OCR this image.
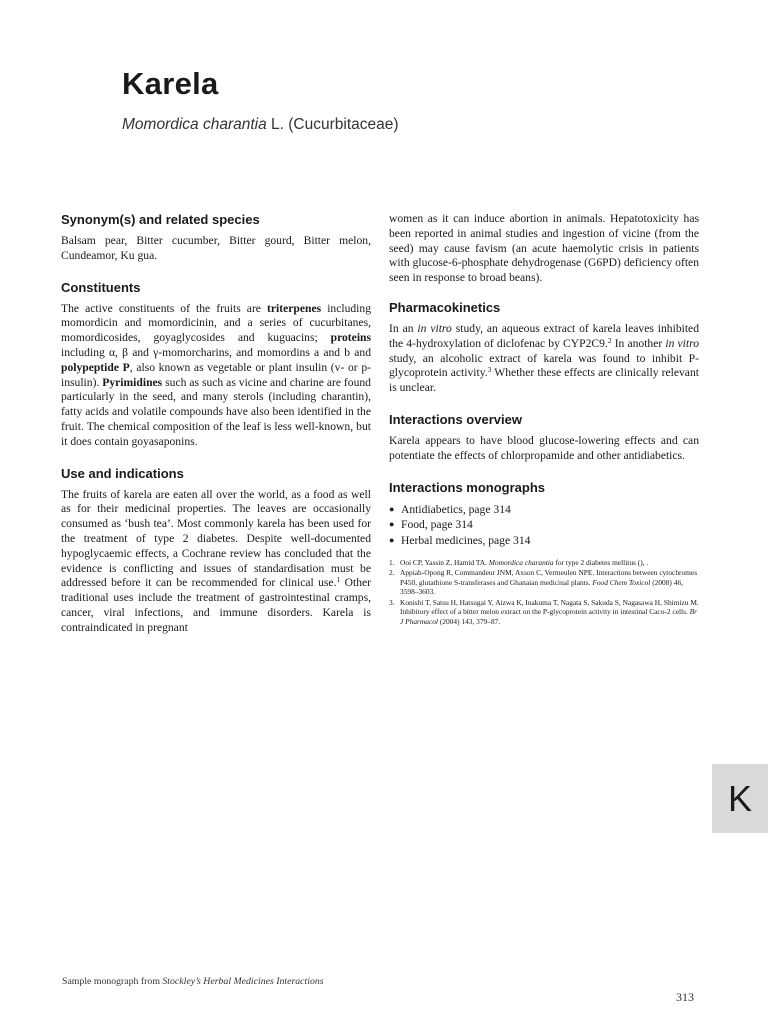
Karela

Momordica charantia L. (Cucurbitaceae)

Synonym(s) and related species

Balsam pear, Bitter cucumber, Bitter gourd, Bitter melon, Cundeamor, Ku gua.

Constituents

The active constituents of the fruits are triterpenes including momordicin and momordicinin, and a series of cucurbitanes, momordicosides, goyaglycosides and kuguacins; proteins including α, β and γ-momorcharins, and momordins a and b and polypeptide P, also known as vegetable or plant insulin (v- or p-insulin). Pyrimidines such as such as vicine and charine are found particularly in the seed, and many sterols (including charantin), fatty acids and volatile compounds have also been identified in the fruit. The chemical composition of the leaf is less well-known, but it does contain goyasaponins.

Use and indications

The fruits of karela are eaten all over the world, as a food as well as for their medicinal properties. The leaves are occasionally consumed as ‘bush tea’. Most commonly karela has been used for the treatment of type 2 diabetes. Despite well-documented hypoglycaemic effects, a Cochrane review has concluded that the evidence is conflicting and issues of standardisation must be addressed before it can be recommended for clinical use.$^1$ Other traditional uses include the treatment of gastrointestinal cramps, cancer, viral infections, and immune disorders. Karela is contraindicated in pregnant

women as it can induce abortion in animals. Hepatotoxicity has been reported in animal studies and ingestion of vicine (from the seed) may cause favism (an acute haemolytic crisis in patients with glucose-6-phosphate dehydrogenase (G6PD) deficiency often seen in response to broad beans).

Pharmacokinetics

In an in vitro study, an aqueous extract of karela leaves inhibited the 4-hydroxylation of diclofenac by CYP2C9.$^2$ In another in vitro study, an alcoholic extract of karela was found to inhibit P-glycoprotein activity.$^3$ Whether these effects are clinically relevant is unclear.

Interactions overview

Karela appears to have blood glucose-lowering effects and can potentiate the effects of chlorpropamide and other antidiabetics.

Interactions monographs
● Antidiabetics, page 314
● Food, page 314
● Herbal medicines, page 314
1. Ooi CP, Yassin Z, Hamid TA. Momordica charantia for type 2 diabetes mellitus (), .
2. Appiah-Opong R, Commandeur JNM, Axson C, Vermeulen NPE. Interactions between cytochromes P450, glutathione S-transferases and Ghanaian medicinal plants. Food Chem Toxicol (2008) 46, 3598–3603.
3. Konishi T, Satsu H, Hatsugai Y, Aizwa K, Inakuma T, Nagata S, Sakuda S, Nagasawa H, Shimizu M. Inhibitory effect of a bitter melon extract on the P-glycoprotein activity in intestinal Caco-2 cells. Br J Pharmacol (2004) 143, 379–87.
K

Sample monograph from Stockley’s Herbal Medicines Interactions

313
